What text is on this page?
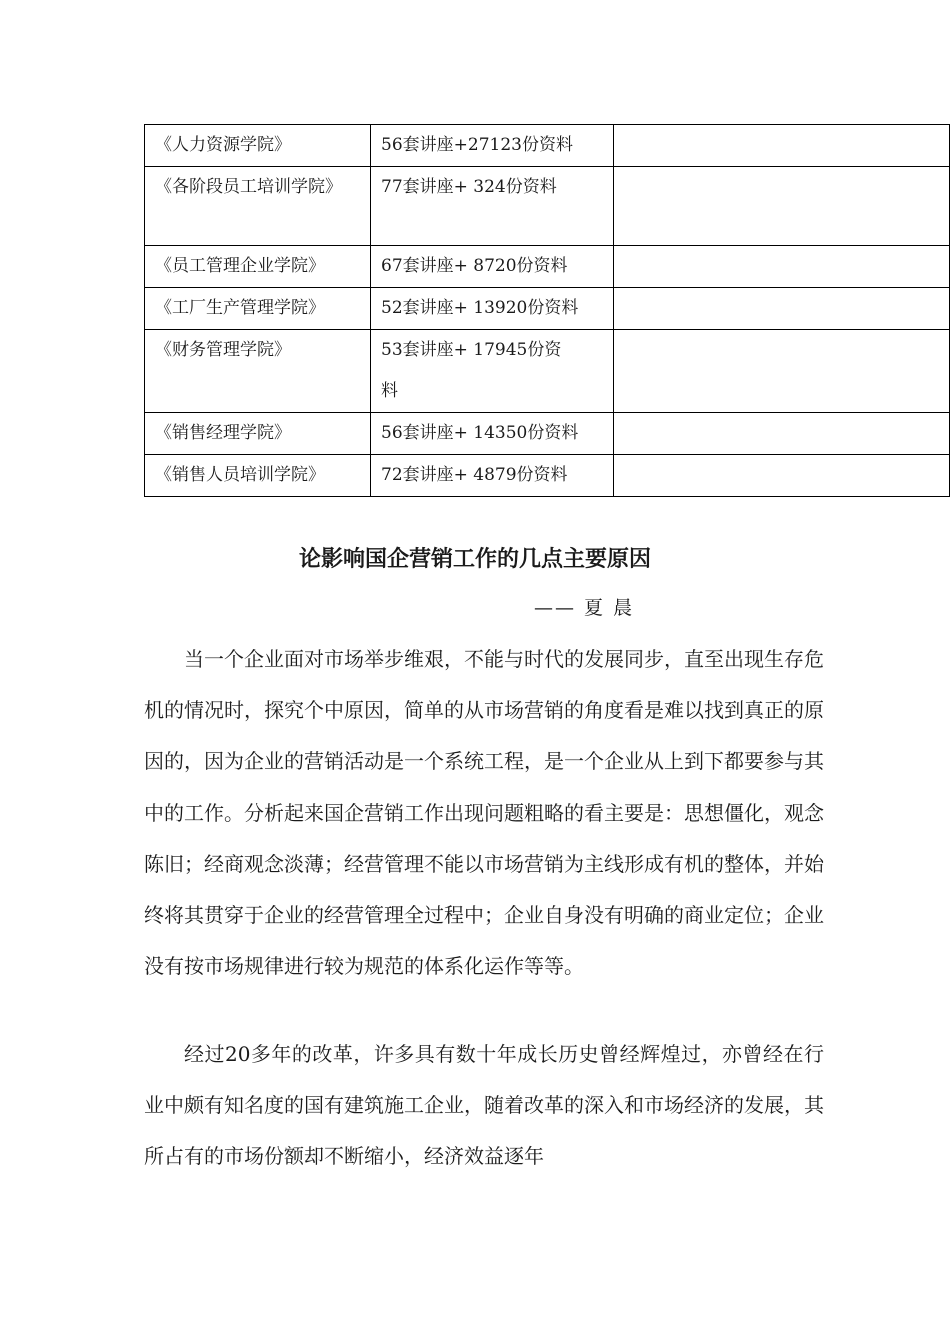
《人力资源学院》	56套讲座+27123份资料	
《各阶段员工培训学院》	77套讲座+ 324份资料	
《员工管理企业学院》	67套讲座+ 8720份资料	
《工厂生产管理学院》	52套讲座+ 13920份资料	
《财务管理学院》	53套讲座+ 17945份资料	
《销售经理学院》	56套讲座+ 14350份资料	
《销售人员培训学院》	72套讲座+ 4879份资料	
论影响国企营销工作的几点主要原因
—— 夏 晨

当一个企业面对市场举步维艰，不能与时代的发展同步，直至出现生存危机的情况时，探究个中原因，简单的从市场营销的角度看是难以找到真正的原因的，因为企业的营销活动是一个系统工程，是一个企业从上到下都要参与其中的工作。分析起来国企营销工作出现问题粗略的看主要是：思想僵化，观念陈旧；经商观念淡薄；经营管理不能以市场营销为主线形成有机的整体，并始终将其贯穿于企业的经营管理全过程中；企业自身没有明确的商业定位；企业没有按市场规律进行较为规范的体系化运作等等。

经过20多年的改革，许多具有数十年成长历史曾经辉煌过，亦曾经在行业中颇有知名度的国有建筑施工企业，随着改革的深入和市场经济的发展，其所占有的市场份额却不断缩小，经济效益逐年
